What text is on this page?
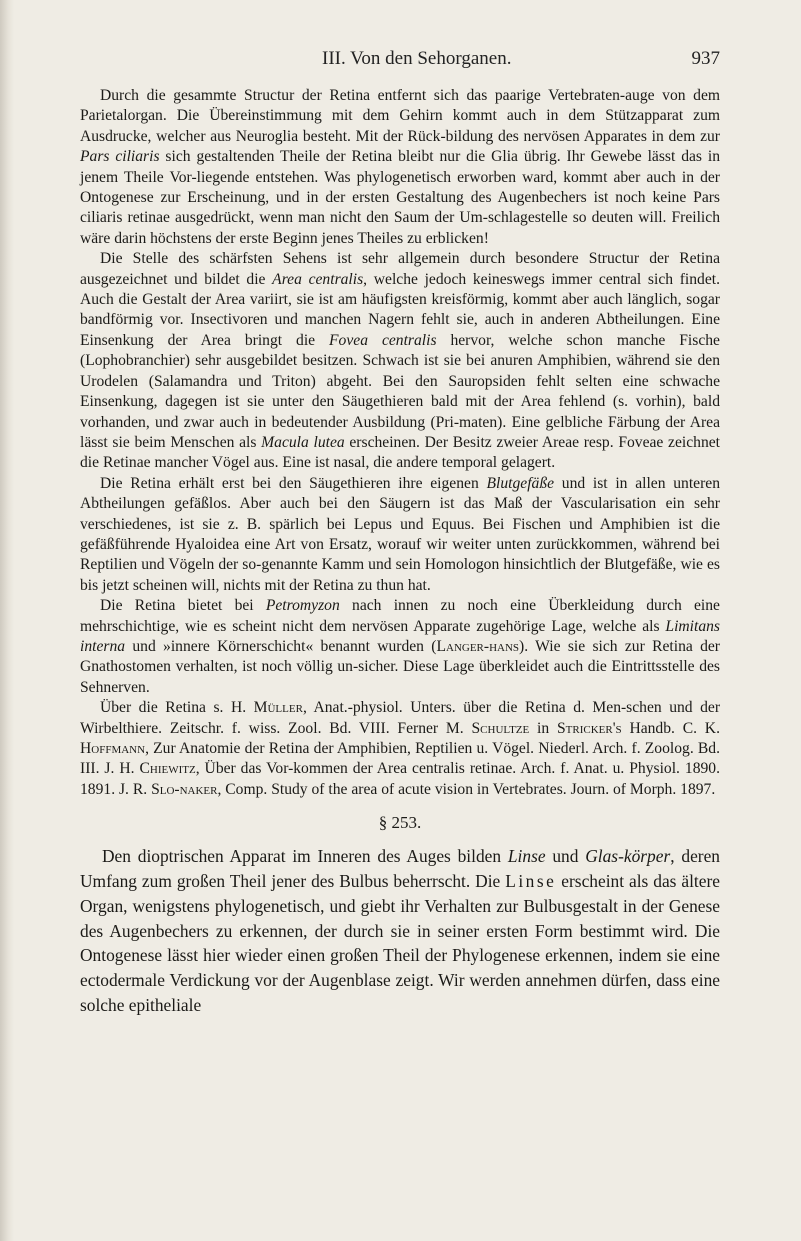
III. Von den Sehorganen.	937

Durch die gesammte Structur der Retina entfernt sich das paarige Vertebraten-auge von dem Parietalorgan. Die Übereinstimmung mit dem Gehirn kommt auch in dem Stützapparat zum Ausdrucke, welcher aus Neuroglia besteht. Mit der Rück-bildung des nervösen Apparates in dem zur Pars ciliaris sich gestaltenden Theile der Retina bleibt nur die Glia übrig. Ihr Gewebe lässt das in jenem Theile Vor-liegende entstehen. Was phylogenetisch erworben ward, kommt aber auch in der Ontogenese zur Erscheinung, und in der ersten Gestaltung des Augenbechers ist noch keine Pars ciliaris retinae ausgedrückt, wenn man nicht den Saum der Um-schlagestelle so deuten will. Freilich wäre darin höchstens der erste Beginn jenes Theiles zu erblicken!

Die Stelle des schärfsten Sehens ist sehr allgemein durch besondere Structur der Retina ausgezeichnet und bildet die Area centralis, welche jedoch keineswegs immer central sich findet. Auch die Gestalt der Area variirt, sie ist am häufigsten kreisförmig, kommt aber auch länglich, sogar bandförmig vor. Insectivoren und manchen Nagern fehlt sie, auch in anderen Abtheilungen. Eine Einsenkung der Area bringt die Fovea centralis hervor, welche schon manche Fische (Lophobranchier) sehr ausgebildet besitzen. Schwach ist sie bei anuren Amphibien, während sie den Urodelen (Salamandra und Triton) abgeht. Bei den Sauropsiden fehlt selten eine schwache Einsenkung, dagegen ist sie unter den Säugethieren bald mit der Area fehlend (s. vorhin), bald vorhanden, und zwar auch in bedeutender Ausbildung (Pri-maten). Eine gelbliche Färbung der Area lässt sie beim Menschen als Macula lutea erscheinen. Der Besitz zweier Areae resp. Foveae zeichnet die Retinae mancher Vögel aus. Eine ist nasal, die andere temporal gelagert.

Die Retina erhält erst bei den Säugethieren ihre eigenen Blutgefäße und ist in allen unteren Abtheilungen gefäßlos. Aber auch bei den Säugern ist das Maß der Vascularisation ein sehr verschiedenes, ist sie z. B. spärlich bei Lepus und Equus. Bei Fischen und Amphibien ist die gefäßführende Hyaloidea eine Art von Ersatz, worauf wir weiter unten zurückkommen, während bei Reptilien und Vögeln der so-genannte Kamm und sein Homologon hinsichtlich der Blutgefäße, wie es bis jetzt scheinen will, nichts mit der Retina zu thun hat.

Die Retina bietet bei Petromyzon nach innen zu noch eine Überkleidung durch eine mehrschichtige, wie es scheint nicht dem nervösen Apparate zugehörige Lage, welche als Limitans interna und »innere Körnerschicht« benannt wurden (Langer-hans). Wie sie sich zur Retina der Gnathostomen verhalten, ist noch völlig un-sicher. Diese Lage überkleidet auch die Eintrittsstelle des Sehnerven.

Über die Retina s. H. Müller, Anat.-physiol. Unters. über die Retina d. Men-schen und der Wirbelthiere. Zeitschr. f. wiss. Zool. Bd. VIII. Ferner M. Schultze in Stricker's Handb. C. K. Hoffmann, Zur Anatomie der Retina der Amphibien, Reptilien u. Vögel. Niederl. Arch. f. Zoolog. Bd. III. J. H. Chiewitz, Über das Vor-kommen der Area centralis retinae. Arch. f. Anat. u. Physiol. 1890. 1891. J. R. Slo-naker, Comp. Study of the area of acute vision in Vertebrates. Journ. of Morph. 1897.

§ 253.

Den dioptrischen Apparat im Inneren des Auges bilden Linse und Glas-körper, deren Umfang zum großen Theil jener des Bulbus beherrscht. Die Linse erscheint als das ältere Organ, wenigstens phylogenetisch, und giebt ihr Verhalten zur Bulbusgestalt in der Genese des Augenbechers zu erkennen, der durch sie in seiner ersten Form bestimmt wird. Die Ontogenese lässt hier wieder einen großen Theil der Phylogenese erkennen, indem sie eine ectodermale Verdickung vor der Augenblase zeigt. Wir werden annehmen dürfen, dass eine solche epitheliale
